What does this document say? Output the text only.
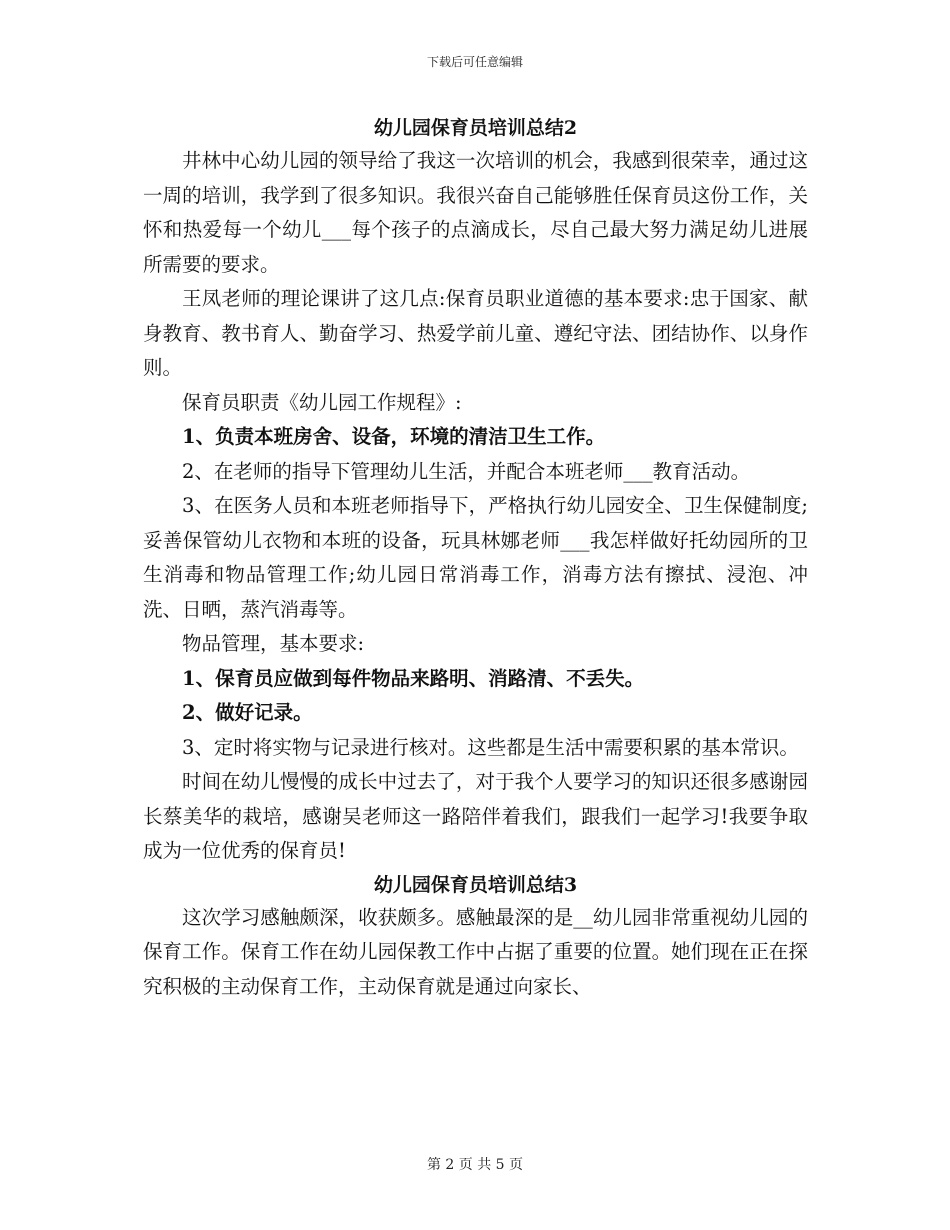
下载后可任意编辑
幼儿园保育员培训总结2

井林中心幼儿园的领导给了我这一次培训的机会，我感到很荣幸，通过这一周的培训，我学到了很多知识。我很兴奋自己能够胜任保育员这份工作，关怀和热爱每一个幼儿___每个孩子的点滴成长，尽自己最大努力满足幼儿进展所需要的要求。

王凤老师的理论课讲了这几点:保育员职业道德的基本要求:忠于国家、献身教育、教书育人、勤奋学习、热爱学前儿童、遵纪守法、团结协作、以身作则。

保育员职责《幼儿园工作规程》:

1、负责本班房舍、设备，环境的清洁卫生工作。

2、在老师的指导下管理幼儿生活，并配合本班老师___教育活动。

3、在医务人员和本班老师指导下，严格执行幼儿园安全、卫生保健制度;妥善保管幼儿衣物和本班的设备，玩具林娜老师___我怎样做好托幼园所的卫生消毒和物品管理工作;幼儿园日常消毒工作，消毒方法有擦拭、浸泡、冲洗、日晒，蒸汽消毒等。

物品管理，基本要求:

1、保育员应做到每件物品来路明、消路清、不丢失。

2、做好记录。

3、定时将实物与记录进行核对。这些都是生活中需要积累的基本常识。

时间在幼儿慢慢的成长中过去了，对于我个人要学习的知识还很多感谢园长蔡美华的栽培，感谢吴老师这一路陪伴着我们，跟我们一起学习!我要争取成为一位优秀的保育员!

幼儿园保育员培训总结3

这次学习感触颇深，收获颇多。感触最深的是__幼儿园非常重视幼儿园的保育工作。保育工作在幼儿园保教工作中占据了重要的位置。她们现在正在探究积极的主动保育工作，主动保育就是通过向家长、

第 2 页 共 5 页
